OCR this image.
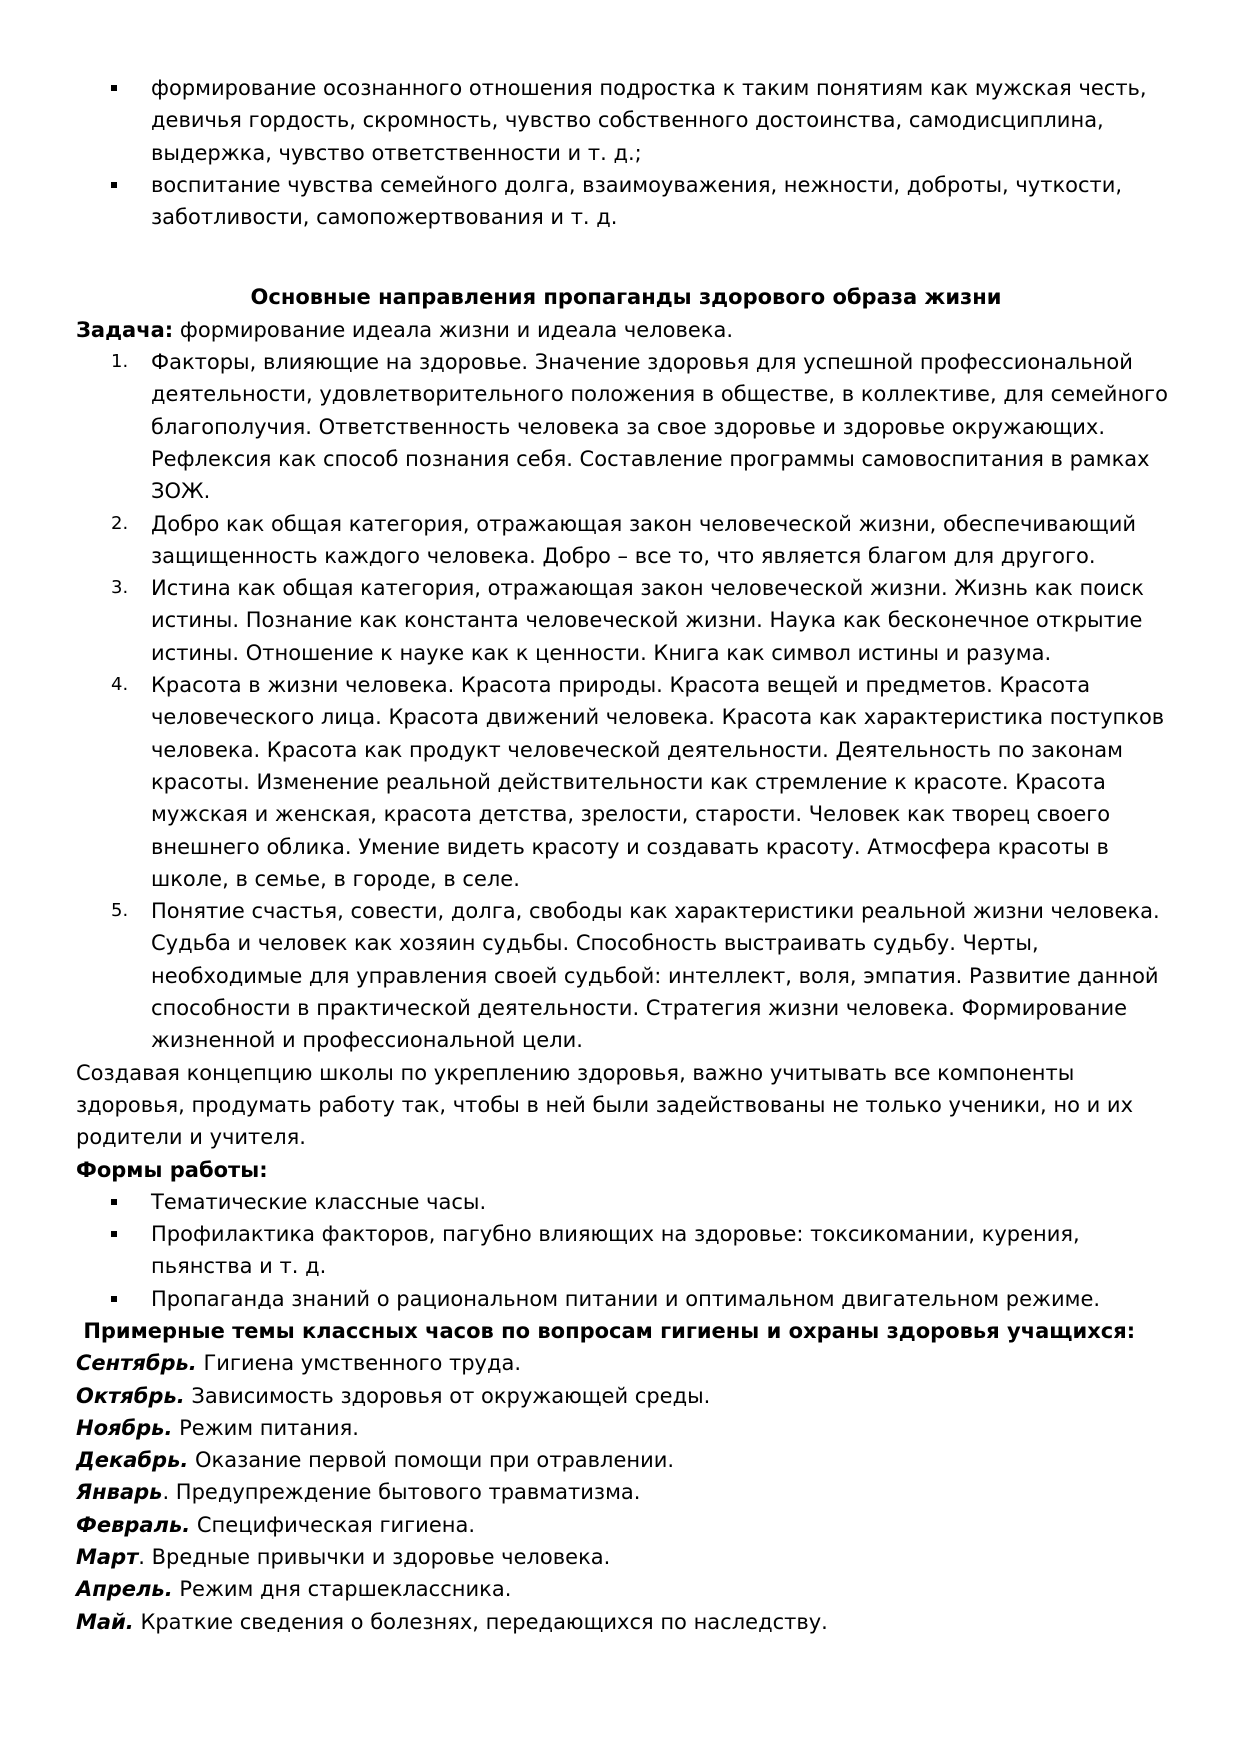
формирование осознанного отношения подростка к таким понятиям как мужская честь, девичья гордость, скромность, чувство собственного достоинства, самодисциплина, выдержка, чувство ответственности и т. д.;
воспитание чувства семейного долга, взаимоуважения, нежности, доброты, чуткости, заботливости, самопожертвования и т. д.

Основные направления пропаганды здорового образа жизни

Задача: формирование идеала жизни и идеала человека.

Факторы, влияющие на здоровье. Значение здоровья для успешной профессиональной деятельности, удовлетворительного положения в обществе, в коллективе, для семейного благополучия. Ответственность человека за свое здоровье и здоровье окружающих. Рефлексия как способ познания себя. Составление программы самовоспитания в рамках ЗОЖ.
Добро как общая категория, отражающая закон человеческой жизни, обеспечивающий защищенность каждого человека. Добро – все то, что является благом для другого.
Истина как общая категория, отражающая закон человеческой жизни. Жизнь как поиск истины. Познание как константа человеческой жизни. Наука как бесконечное открытие истины. Отношение к науке как к ценности. Книга как символ истины и разума.
Красота в жизни человека. Красота природы. Красота вещей и предметов. Красота человеческого лица. Красота движений человека. Красота как характеристика поступков человека. Красота как продукт человеческой деятельности. Деятельность по законам красоты. Изменение реальной действительности как стремление к красоте. Красота мужская и женская, красота детства, зрелости, старости. Человек как творец своего внешнего облика. Умение видеть красоту и создавать красоту. Атмосфера красоты в школе, в семье, в городе, в селе.
Понятие счастья, совести, долга, свободы как характеристики реальной жизни человека. Судьба и человек как хозяин судьбы. Способность выстраивать судьбу. Черты, необходимые для управления своей судьбой: интеллект, воля, эмпатия. Развитие данной способности в практической деятельности. Стратегия жизни человека. Формирование жизненной и профессиональной цели.

Создавая концепцию школы по укреплению здоровья, важно учитывать все компоненты здоровья, продумать работу так, чтобы в ней были задействованы не только ученики, но и их родители и учителя.

Формы работы:

Тематические классные часы.
Профилактика факторов, пагубно влияющих на здоровье: токсикомании, курения, пьянства и т. д.
Пропаганда знаний о рациональном питании и оптимальном двигательном режиме.

Примерные темы классных часов по вопросам гигиены и охраны здоровья учащихся:

Сентябрь. Гигиена умственного труда.

Октябрь. Зависимость здоровья от окружающей среды.

Ноябрь. Режим питания.

Декабрь. Оказание первой помощи при отравлении.

Январь. Предупреждение бытового травматизма.

Февраль. Специфическая гигиена.

Март. Вредные привычки и здоровье человека.

Апрель. Режим дня старшеклассника.

Май. Краткие сведения о болезнях, передающихся по наследству.
